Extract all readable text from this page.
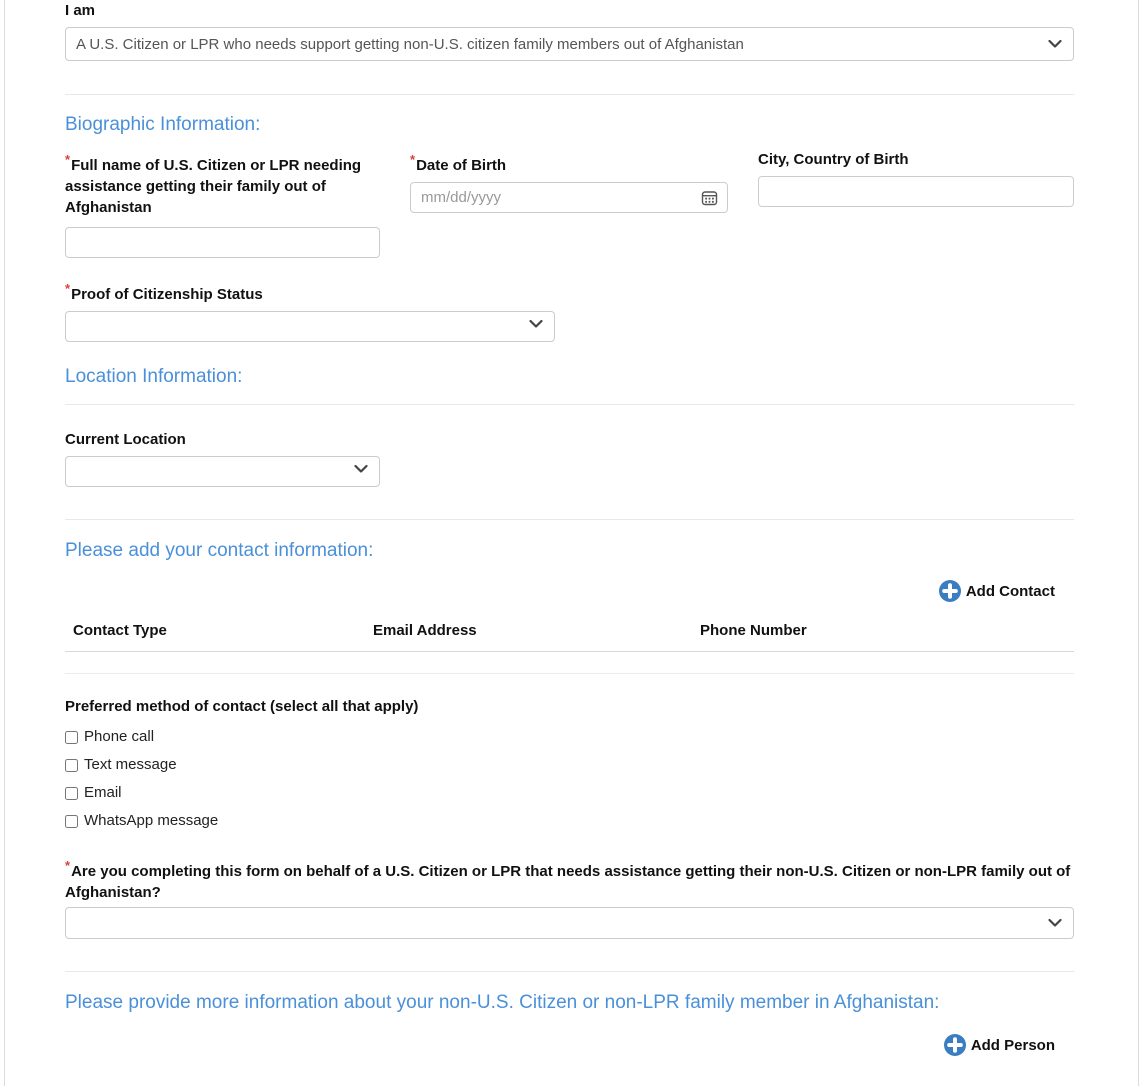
I am
A U.S. Citizen or LPR who needs support getting non-U.S. citizen family members out of Afghanistan
Biographic Information:
*Full name of U.S. Citizen or LPR needing assistance getting their family out of Afghanistan
*Date of Birth
mm/dd/yyyy	City, Country of Birth
*Proof of Citizenship Status
Location Information:
Current Location
Please add your contact information:
Add Contact
Contact Type	Email Address	Phone Number
Preferred method of contact (select all that apply)
Phone call
Text message
Email
WhatsApp message
*Are you completing this form on behalf of a U.S. Citizen or LPR that needs assistance getting their non-U.S. Citizen or non-LPR family out of Afghanistan?
Please provide more information about your non-U.S. Citizen or non-LPR family member in Afghanistan:
Add Person
